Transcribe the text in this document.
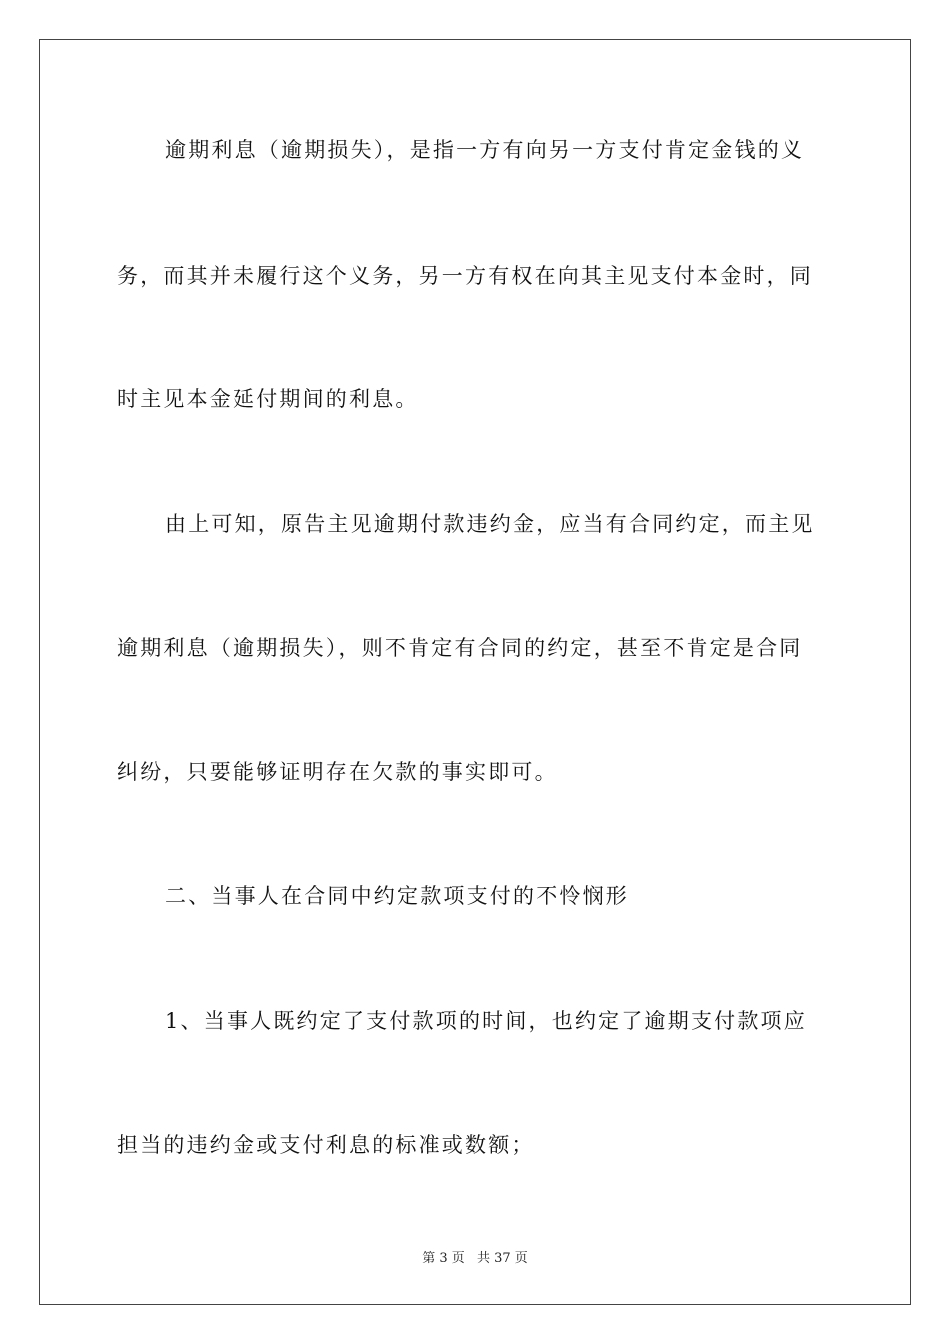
逾期利息（逾期损失），是指一方有向另一方支付肯定金钱的义
务，而其并未履行这个义务，另一方有权在向其主见支付本金时，同
时主见本金延付期间的利息。
由上可知，原告主见逾期付款违约金，应当有合同约定，而主见
逾期利息（逾期损失），则不肯定有合同的约定，甚至不肯定是合同
纠纷，只要能够证明存在欠款的事实即可。
二、当事人在合同中约定款项支付的不怜悯形
1、当事人既约定了支付款项的时间，也约定了逾期支付款项应
担当的违约金或支付利息的标准或数额；
第 3 页 共 37 页
